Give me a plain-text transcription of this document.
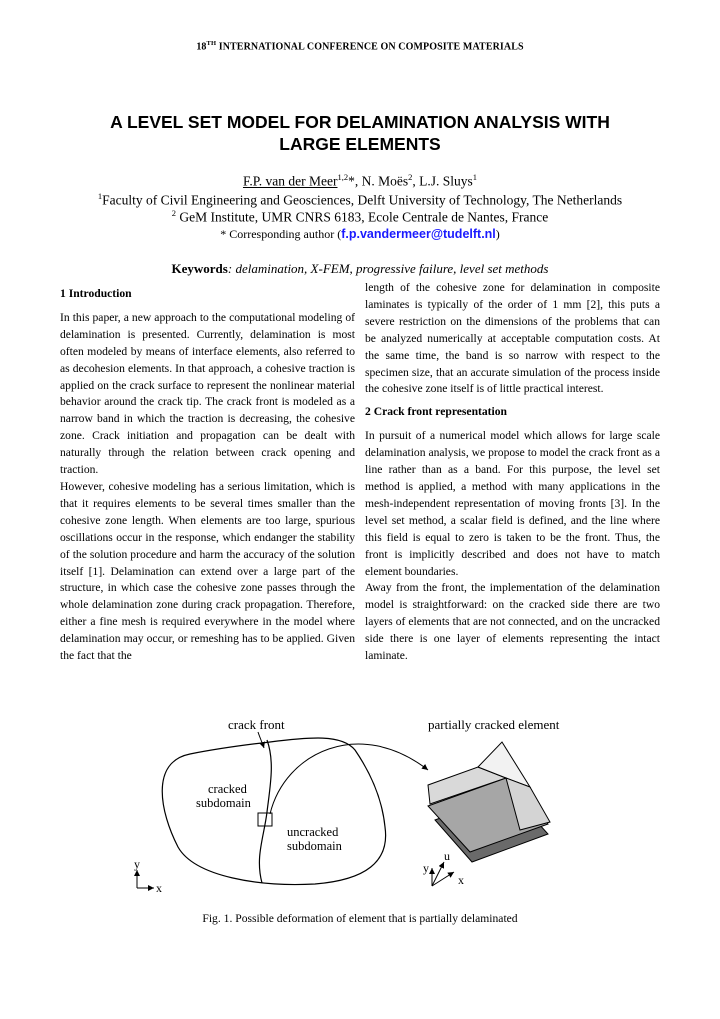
18TH INTERNATIONAL CONFERENCE ON COMPOSITE MATERIALS
A LEVEL SET MODEL FOR DELAMINATION ANALYSIS WITH
LARGE ELEMENTS
F.P. van der Meer$^{1,2}$*, N. Moës$^2$, L.J. Sluys$^1$
$^1$Faculty of Civil Engineering and Geosciences, Delft University of Technology, The Netherlands
$^2$ GeM Institute, UMR CNRS 6183, Ecole Centrale de Nantes, France
* Corresponding author (f.p.vandermeer@tudelft.nl)
Keywords: delamination, X-FEM, progressive failure, level set methods

1 Introduction

In this paper, a new approach to the computational modeling of delamination is presented. Currently, delamination is most often modeled by means of interface elements, also referred to as decohesion elements. In that approach, a cohesive traction is applied on the crack surface to represent the nonlinear material behavior around the crack tip. The crack front is modeled as a narrow band in which the traction is decreasing, the cohesive zone. Crack initiation and propagation can be dealt with naturally through the relation between crack opening and traction.

However, cohesive modeling has a serious limitation, which is that it requires elements to be several times smaller than the cohesive zone length. When elements are too large, spurious oscillations occur in the response, which endanger the stability of the solution procedure and harm the accuracy of the solution itself [1]. Delamination can extend over a large part of the structure, in which case the cohesive zone passes through the whole delamination zone during crack propagation. Therefore, either a fine mesh is required everywhere in the model where delamination may occur, or remeshing has to be applied. Given the fact that the

length of the cohesive zone for delamination in composite laminates is typically of the order of 1 mm [2], this puts a severe restriction on the dimensions of the problems that can be analyzed numerically at acceptable computation costs. At the same time, the band is so narrow with respect to the specimen size, that an accurate simulation of the process inside the cohesive zone itself is of little practical interest.

2 Crack front representation

In pursuit of a numerical model which allows for large scale delamination analysis, we propose to model the crack front as a line rather than as a band. For this purpose, the level set method is applied, a method with many applications in the mesh-independent representation of moving fronts [3]. In the level set method, a scalar field is defined, and the line where this field is equal to zero is taken to be the front. Thus, the front is implicitly described and does not have to match element boundaries.

Away from the front, the implementation of the delamination model is straightforward: on the cracked side there are two layers of elements that are not connected, and on the uncracked side there is one layer of elements representing the intact laminate.

crack front	partially cracked element
cracked
subdomain
uncracked
subdomain
y
x
y
u
x
Fig. 1. Possible deformation of element that is partially delaminated
